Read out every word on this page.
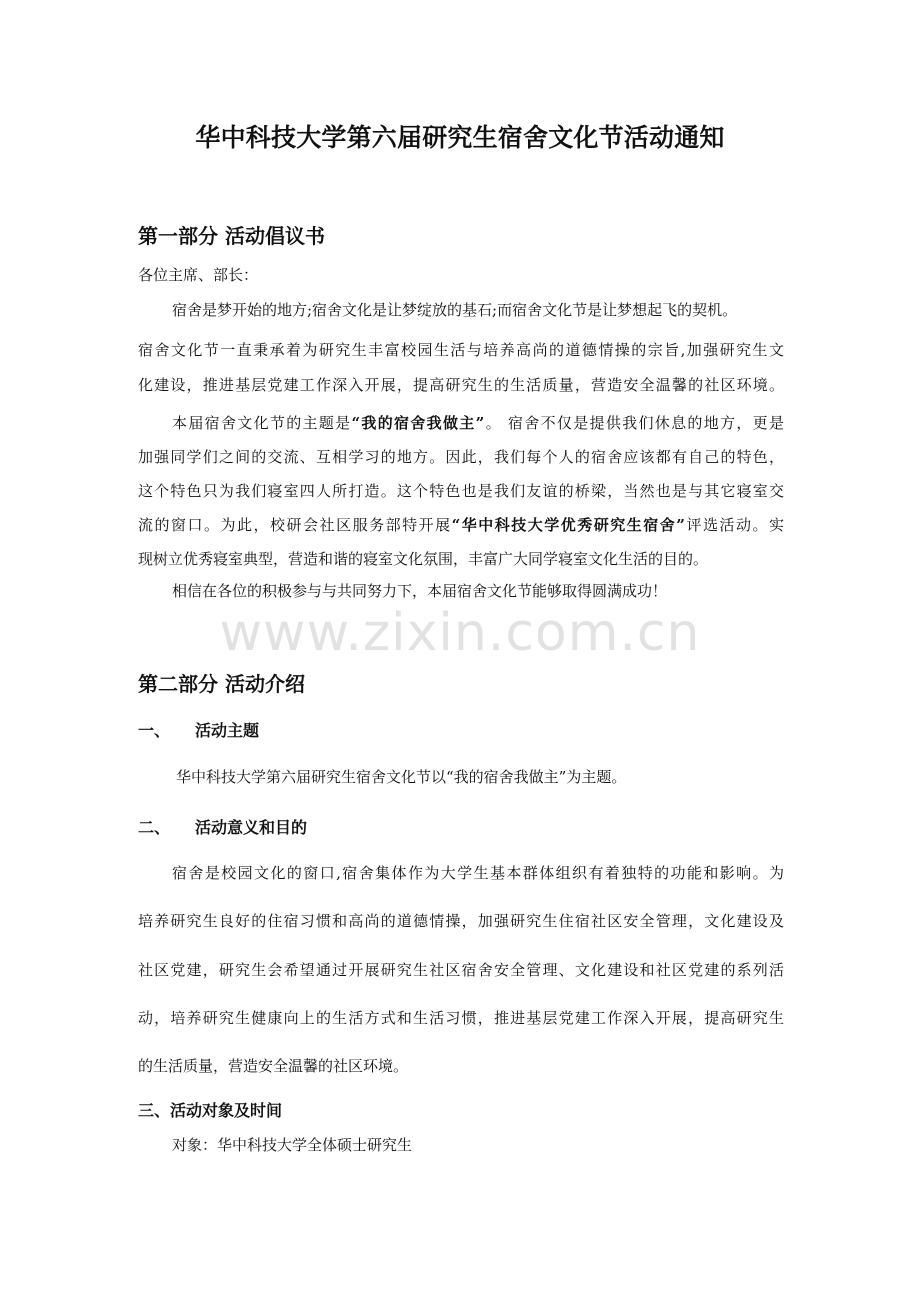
华中科技大学第六届研究生宿舍文化节活动通知
第一部分 活动倡议书
各位主席、部长：
宿舍是梦开始的地方;宿舍文化是让梦绽放的基石;而宿舍文化节是让梦想起飞的契机。
宿舍文化节一直秉承着为研究生丰富校园生活与培养高尚的道德情操的宗旨,加强研究生文
化建设，推进基层党建工作深入开展，提高研究生的生活质量，营造安全温馨的社区环境。
本届宿舍文化节的主题是“我的宿舍我做主”。 宿舍不仅是提供我们休息的地方，更是
加强同学们之间的交流、互相学习的地方。因此，我们每个人的宿舍应该都有自己的特色，
这个特色只为我们寝室四人所打造。这个特色也是我们友谊的桥梁，当然也是与其它寝室交
流的窗口。为此，校研会社区服务部特开展“华中科技大学优秀研究生宿舍”评选活动。实
现树立优秀寝室典型，营造和谐的寝室文化氛围，丰富广大同学寝室文化生活的目的。
相信在各位的积极参与与共同努力下，本届宿舍文化节能够取得圆满成功！
www.zixin.com.cn
第二部分 活动介绍
一、 活动主题
华中科技大学第六届研究生宿舍文化节以“我的宿舍我做主”为主题。
二、 活动意义和目的
宿舍是校园文化的窗口,宿舍集体作为大学生基本群体组织有着独特的功能和影响。为
培养研究生良好的住宿习惯和高尚的道德情操，加强研究生住宿社区安全管理，文化建设及
社区党建，研究生会希望通过开展研究生社区宿舍安全管理、文化建设和社区党建的系列活
动，培养研究生健康向上的生活方式和生活习惯，推进基层党建工作深入开展，提高研究生
的生活质量，营造安全温馨的社区环境。
三、活动对象及时间
对象：华中科技大学全体硕士研究生
